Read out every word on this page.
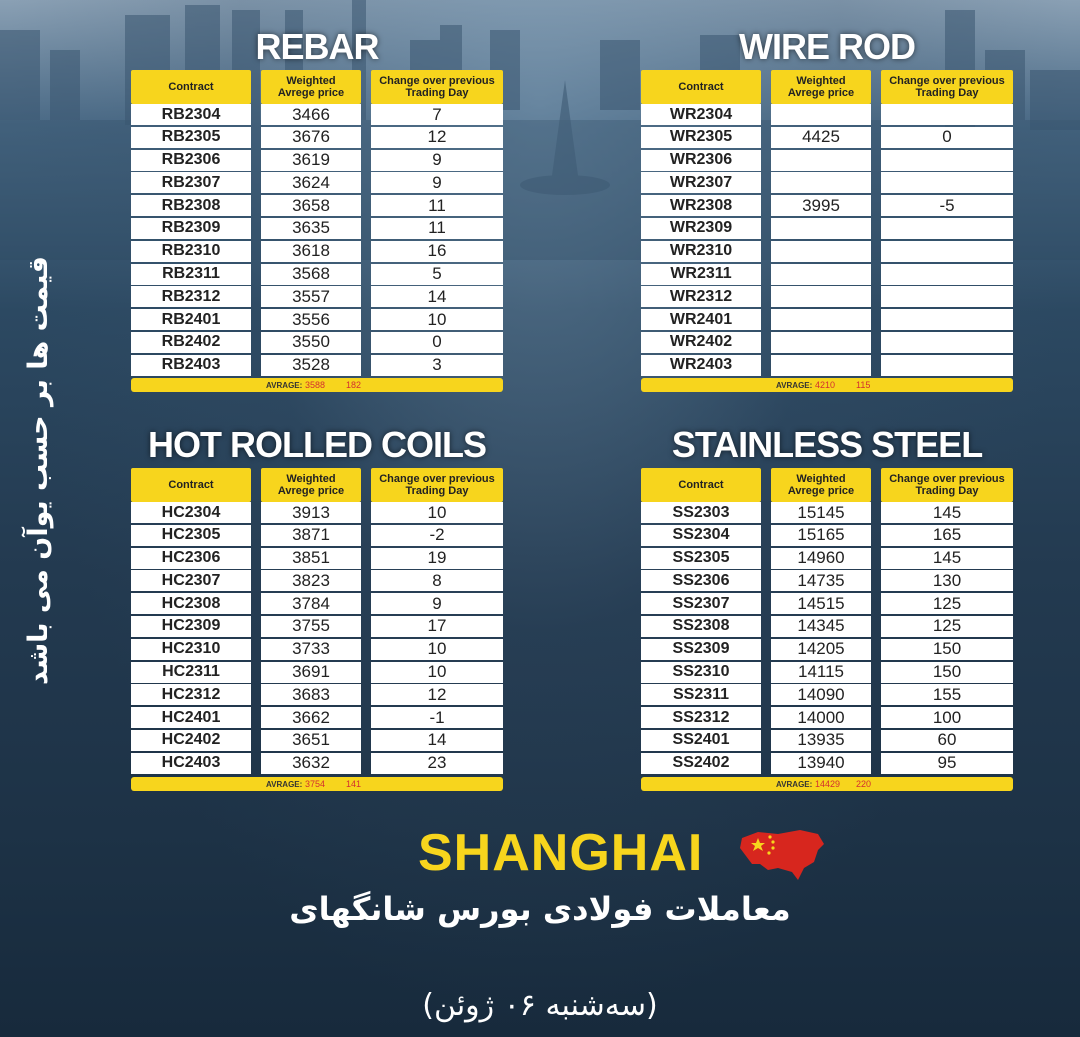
قیمت ها بر حسب یوآن می باشد
REBAR
Contract	Weighted
Avrege price
Change over previous
Trading Day
RB2304	3466	7
RB2305	3676	12
RB2306	3619	9
RB2307	3624	9
RB2308	3658	11
RB2309	3635	11
RB2310	3618	16
RB2311	3568	5
RB2312	3557	14
RB2401	3556	10
RB2402	3550	0
RB2403	3528	3
AVRAGE: 3588 182
WIRE ROD
Contract	Weighted
Avrege price
Change over previous
Trading Day
WR2304
WR2305	4425	0
WR2306
WR2307
WR2308	3995	-5
WR2309
WR2310
WR2311
WR2312
WR2401
WR2402
WR2403
AVRAGE: 4210 115
HOT ROLLED COILS
Contract	Weighted
Avrege price
Change over previous
Trading Day
HC2304	3913	10
HC2305	3871	-2
HC2306	3851	19
HC2307	3823	8
HC2308	3784	9
HC2309	3755	17
HC2310	3733	10
HC2311	3691	10
HC2312	3683	12
HC2401	3662	-1
HC2402	3651	14
HC2403	3632	23
AVRAGE: 3754 141
STAINLESS STEEL
Contract	Weighted
Avrege price
Change over previous
Trading Day
SS2303	15145	145
SS2304	15165	165
SS2305	14960	145
SS2306	14735	130
SS2307	14515	125
SS2308	14345	125
SS2309	14205	150
SS2310	14115	150
SS2311	14090	155
SS2312	14000	100
SS2401	13935	60
SS2402	13940	95
AVRAGE: 14429 220
SHANGHAI
معاملات فولادی بورس شانگهای
(سه‌شنبه ۰۶ ژوئن)
